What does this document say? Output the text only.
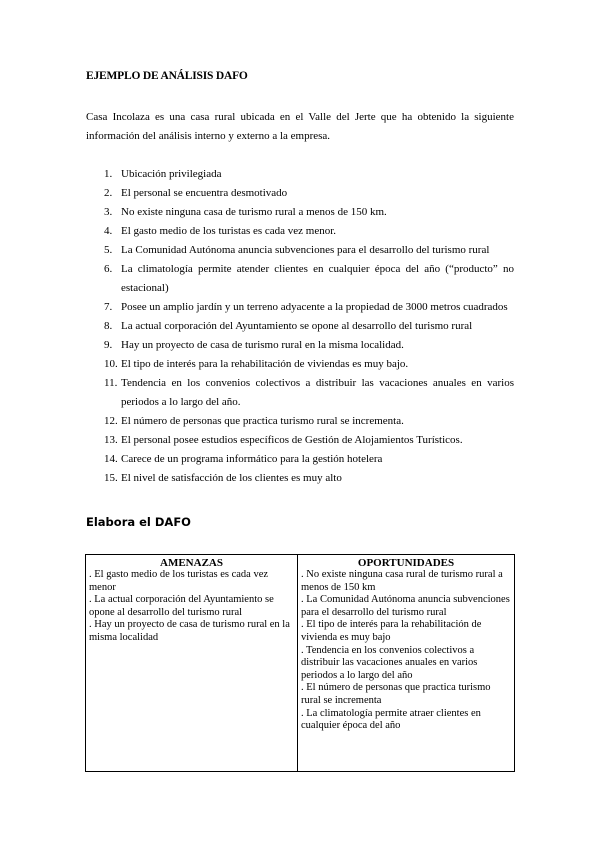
EJEMPLO DE ANÁLISIS DAFO
Casa Incolaza es una casa rural ubicada en el Valle del Jerte que ha obtenido la siguiente información del análisis interno y externo a la empresa.
1. Ubicación privilegiada
2. El personal se encuentra desmotivado
3. No existe ninguna casa de turismo rural a menos de 150 km.
4. El gasto medio de los turistas es cada vez menor.
5. La Comunidad Autónoma anuncia subvenciones para el desarrollo del turismo rural
6. La climatología permite atender clientes en cualquier época del año (“producto” no estacional)
7. Posee un amplio jardín y un terreno adyacente a la propiedad de 3000 metros cuadrados
8. La actual corporación del Ayuntamiento se opone al desarrollo del turismo rural
9. Hay un proyecto de casa de turismo rural en la misma localidad.
10. El tipo de interés para la rehabilitación de viviendas es muy bajo.
11. Tendencia en los convenios colectivos a distribuir las vacaciones anuales en varios periodos a lo largo del año.
12. El número de personas que practica turismo rural se incrementa.
13. El personal posee estudios específicos de Gestión de Alojamientos Turísticos.
14. Carece de un programa informático para la gestión hotelera
15. El nivel de satisfacción de los clientes es muy alto
Elabora el DAFO
AMENAZAS

. El gasto medio de los turistas es cada vez menor

. La actual corporación del Ayuntamiento se opone al desarrollo del turismo rural

. Hay un proyecto de casa de turismo rural en la misma localidad

OPORTUNIDADES

. No existe ninguna casa rural de turismo rural a menos de 150 km

. La Comunidad Autónoma anuncia subvenciones para el desarrollo del turismo rural

. El tipo de interés para la rehabilitación de vivienda es muy bajo

. Tendencia en los convenios colectivos a distribuir las vacaciones anuales en varios periodos a lo largo del año

. El número de personas que practica turismo rural se incrementa

. La climatología permite atraer clientes en cualquier época del año
